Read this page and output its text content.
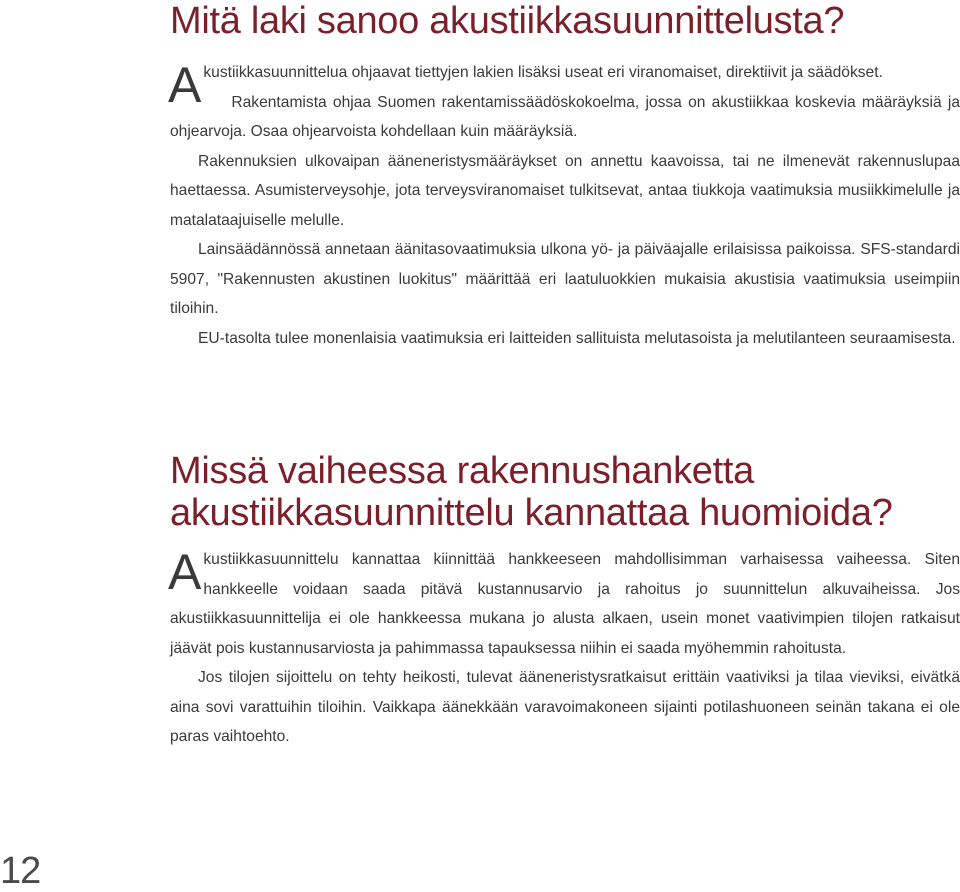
Mitä laki sanoo akustiikkasuunnittelusta?

Akustiikkasuunnittelua ohjaavat tiettyjen lakien lisäksi useat eri viranomaiset, direktiivit ja säädökset.

Rakentamista ohjaa Suomen rakentamissäädöskokoelma, jossa on akustiikkaa koskevia määräyksiä ja ohjearvoja. Osaa ohjearvoista kohdellaan kuin määräyksiä.

Rakennuksien ulkovaipan ääneneristysmääräykset on annettu kaavoissa, tai ne ilmenevät rakennuslupaa haettaessa. Asumisterveysohje, jota terveysviranomaiset tulkitsevat, antaa tiukkoja vaatimuksia musiikkimelulle ja matalataajuiselle melulle.

Lainsäädännössä annetaan äänitasovaatimuksia ulkona yö- ja päiväajalle erilaisissa paikoissa. SFS-standardi 5907, "Rakennusten akustinen luokitus" määrittää eri laatuluokkien mukaisia akustisia vaatimuksia useimpiin tiloihin.

EU-tasolta tulee monenlaisia vaatimuksia eri laitteiden sallituista melutasoista ja melutilanteen seuraamisesta.

Missä vaiheessa rakennushanketta
akustiikkasuunnittelu kannattaa huomioida?

Akustiikkasuunnittelu kannattaa kiinnittää hankkeeseen mahdollisimman varhaisessa vaiheessa. Siten hankkeelle voidaan saada pitävä kustannusarvio ja rahoitus jo suunnittelun alkuvaiheissa. Jos akustiikkasuunnittelija ei ole hankkeessa mukana jo alusta alkaen, usein monet vaativimpien tilojen ratkaisut jäävät pois kustannusarviosta ja pahimmassa tapauksessa niihin ei saada myöhemmin rahoitusta.

Jos tilojen sijoittelu on tehty heikosti, tulevat ääneneristysratkaisut erittäin vaativiksi ja tilaa vieviksi, eivätkä aina sovi varattuihin tiloihin. Vaikkapa äänekkään varavoimakoneen sijainti potilashuoneen seinän takana ei ole paras vaihtoehto.

12
